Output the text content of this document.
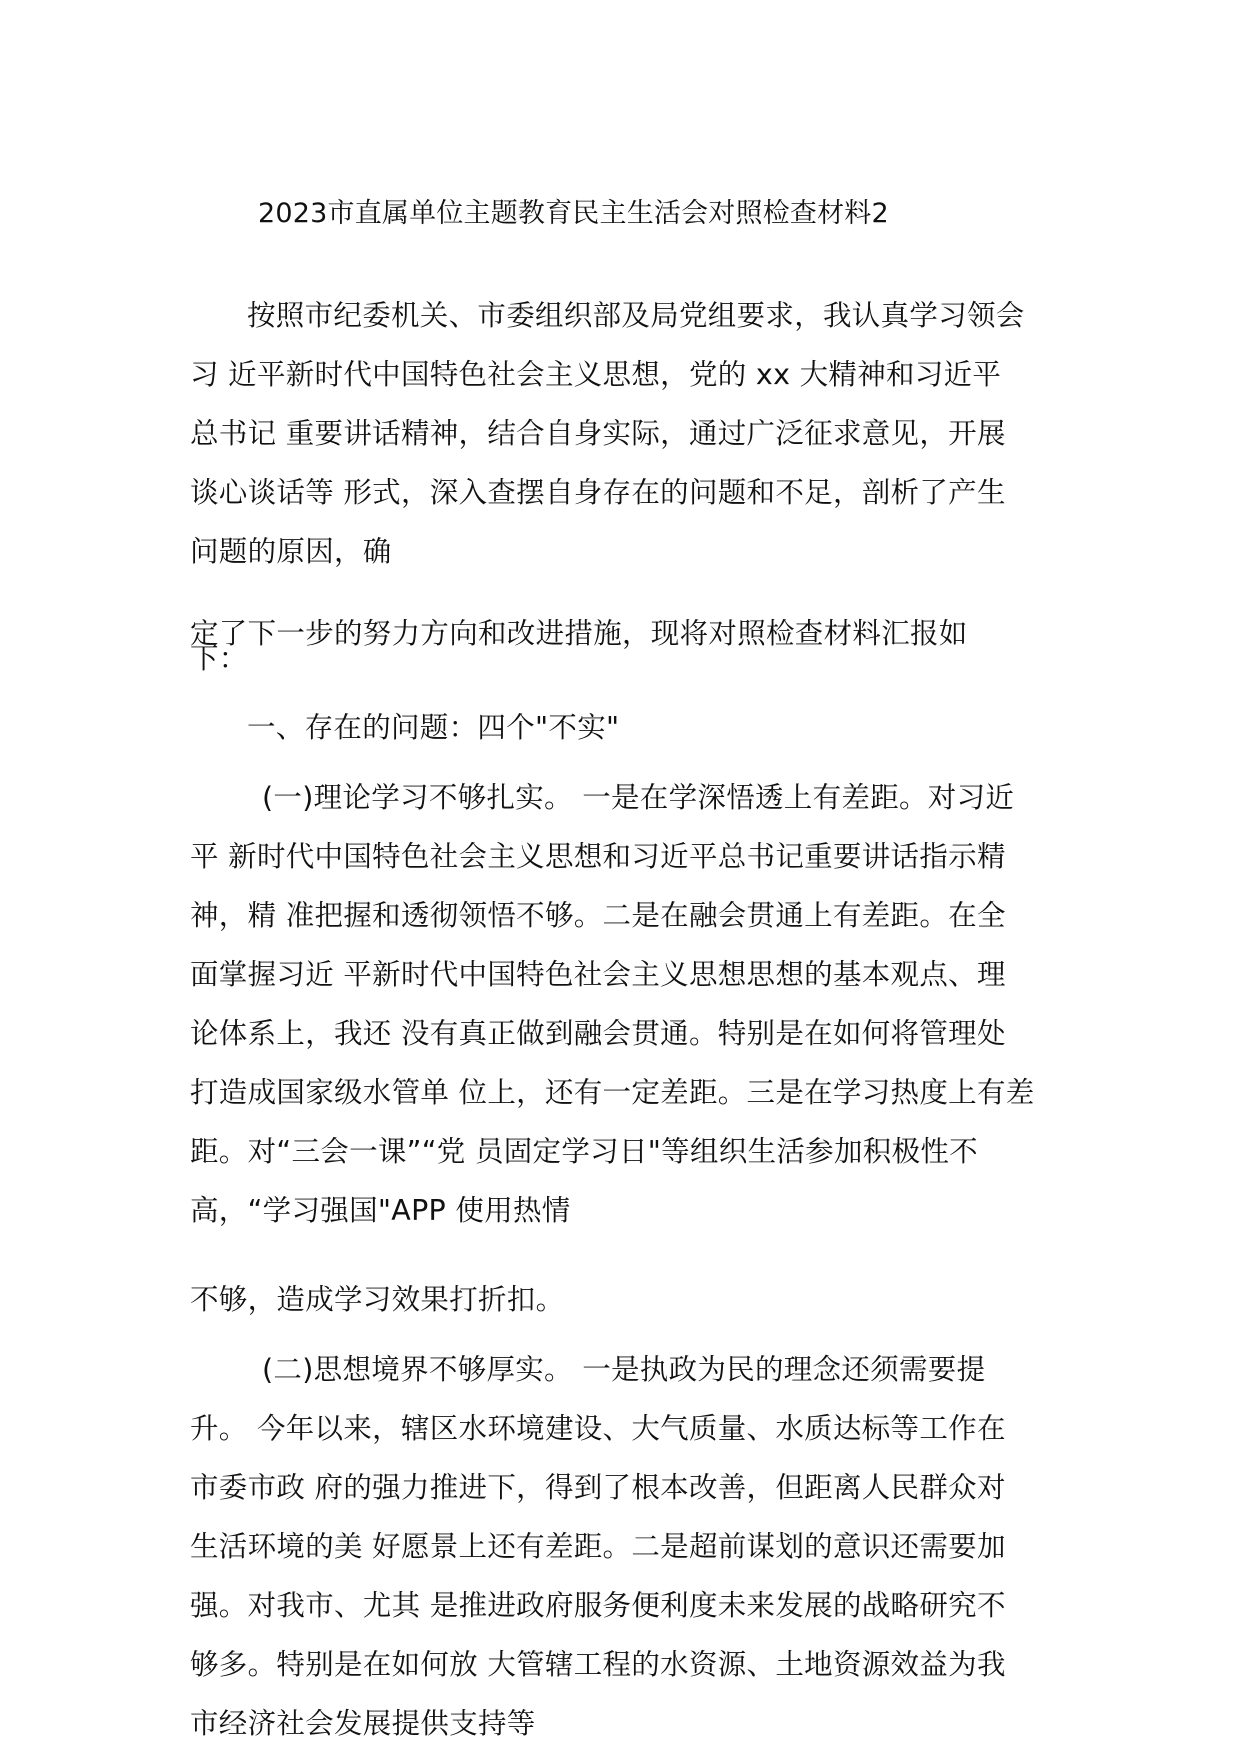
2023市直属单位主题教育民主生活会对照检查材料2
按照市纪委机关、市委组织部及局党组要求，我认真学习领会
习 近平新时代中国特色社会主义思想，党的 xx 大精神和习近平
总书记 重要讲话精神，结合自身实际，通过广泛征求意见，开展
谈心谈话等 形式，深入查摆自身存在的问题和不足，剖析了产生
问题的原因，确
定了下一步的努力方向和改进措施，现将对照检查材料汇报如
下：
一、存在的问题：四个"不实"
(一)理论学习不够扎实。 一是在学深悟透上有差距。对习近
平 新时代中国特色社会主义思想和习近平总书记重要讲话指示精
神，精 准把握和透彻领悟不够。二是在融会贯通上有差距。在全
面掌握习近 平新时代中国特色社会主义思想思想的基本观点、理
论体系上，我还 没有真正做到融会贯通。特别是在如何将管理处
打造成国家级水管单 位上，还有一定差距。三是在学习热度上有差
距。对“三会一课”“党 员固定学习日"等组织生活参加积极性不
高，“学习强国"APP 使用热情
不够，造成学习效果打折扣。
(二)思想境界不够厚实。 一是执政为民的理念还须需要提
升。 今年以来，辖区水环境建设、大气质量、水质达标等工作在
市委市政 府的强力推进下，得到了根本改善，但距离人民群众对
生活环境的美 好愿景上还有差距。二是超前谋划的意识还需要加
强。对我市、尤其 是推进政府服务便利度未来发展的战略研究不
够多。特别是在如何放 大管辖工程的水资源、土地资源效益为我
市经济社会发展提供支持等
